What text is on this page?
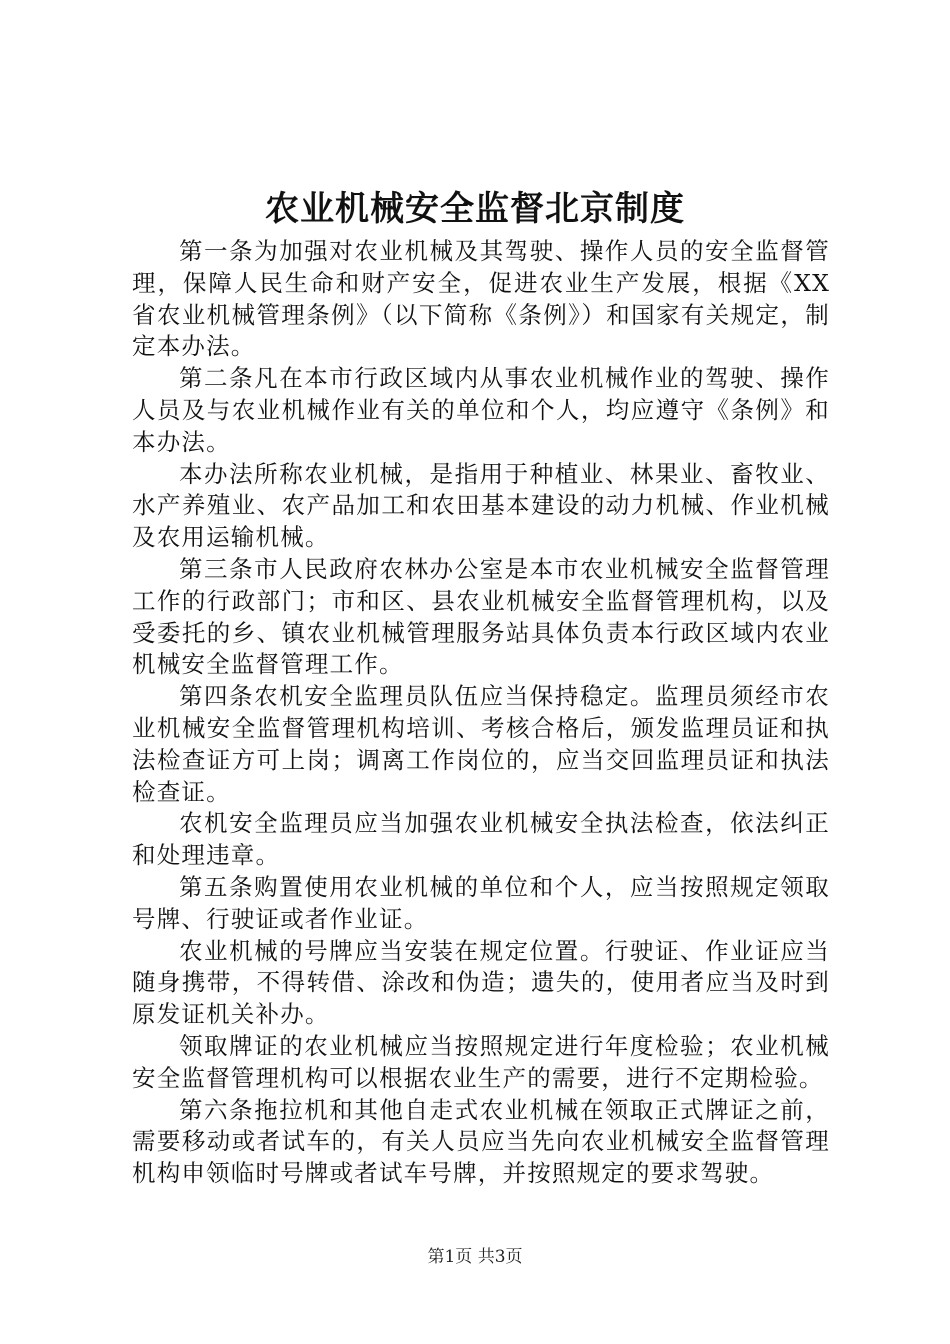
农业机械安全监督北京制度

第一条为加强对农业机械及其驾驶、操作人员的安全监督管理，保障人民生命和财产安全，促进农业生产发展，根据《XX省农业机械管理条例》（以下简称《条例》）和国家有关规定，制定本办法。

第二条凡在本市行政区域内从事农业机械作业的驾驶、操作人员及与农业机械作业有关的单位和个人，均应遵守《条例》和本办法。

本办法所称农业机械，是指用于种植业、林果业、畜牧业、水产养殖业、农产品加工和农田基本建设的动力机械、作业机械及农用运输机械。

第三条市人民政府农林办公室是本市农业机械安全监督管理工作的行政部门；市和区、县农业机械安全监督管理机构，以及受委托的乡、镇农业机械管理服务站具体负责本行政区域内农业机械安全监督管理工作。

第四条农机安全监理员队伍应当保持稳定。监理员须经市农业机械安全监督管理机构培训、考核合格后，颁发监理员证和执法检查证方可上岗；调离工作岗位的，应当交回监理员证和执法检查证。

农机安全监理员应当加强农业机械安全执法检查，依法纠正和处理违章。

第五条购置使用农业机械的单位和个人，应当按照规定领取号牌、行驶证或者作业证。

农业机械的号牌应当安装在规定位置。行驶证、作业证应当随身携带，不得转借、涂改和伪造；遗失的，使用者应当及时到原发证机关补办。

领取牌证的农业机械应当按照规定进行年度检验；农业机械安全监督管理机构可以根据农业生产的需要，进行不定期检验。

第六条拖拉机和其他自走式农业机械在领取正式牌证之前，需要移动或者试车的，有关人员应当先向农业机械安全监督管理机构申领临时号牌或者试车号牌，并按照规定的要求驾驶。

第1页 共3页
